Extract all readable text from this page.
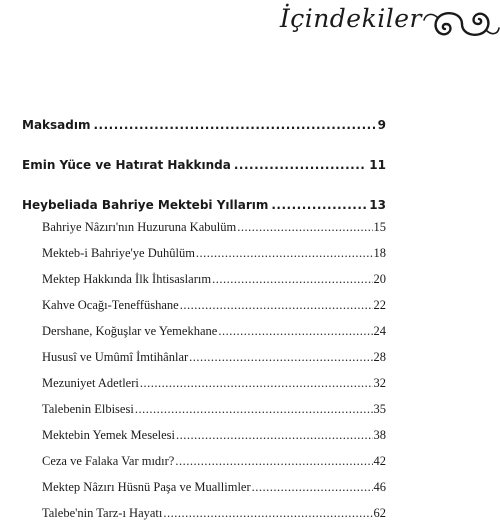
İçindekiler
Maksadım .....	9
Emin Yüce ve Hatırat Hakkında .....	11
Heybeliada Bahriye Mektebi Yıllarım .....	13
Bahriye Nâzırı'nın Huzuruna Kabulüm .....	15
Mekteb-i Bahriye'ye Duhûlüm .....	18
Mektep Hakkında İlk İhtisaslarım .....	20
Kahve Ocağı-Teneffüshane .....	22
Dershane, Koğuşlar ve Yemekhane .....	24
Hususî ve Umûmî İmtihânlar .....	28
Mezuniyet Adetleri .....	32
Talebenin Elbisesi .....	35
Mektebin Yemek Meselesi .....	38
Ceza ve Falaka Var mıdır? .....	42
Mektep Nâzırı Hüsnü Paşa ve Muallimler .....	46
Talebe'nin Tarz-ı Hayatı .....	62
